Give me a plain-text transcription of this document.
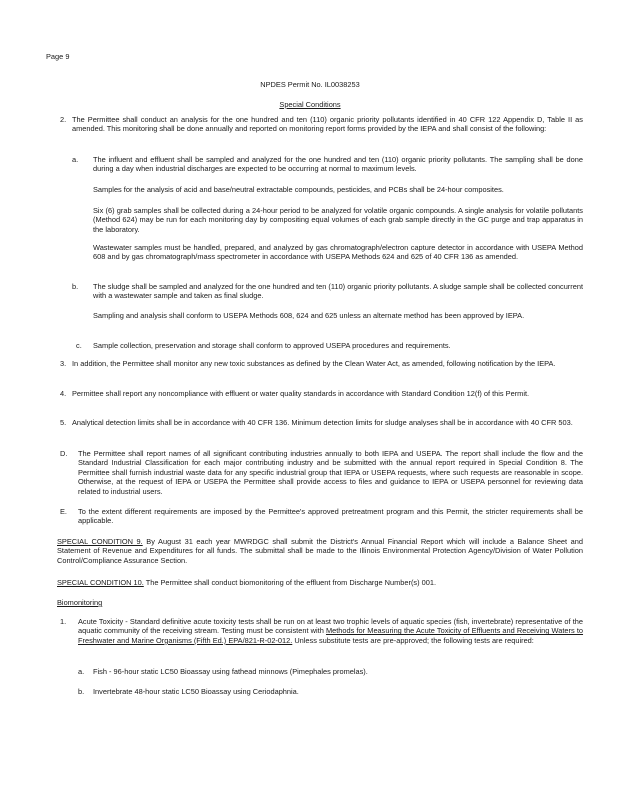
Page 9
NPDES Permit No. IL0038253
Special Conditions
2. The Permittee shall conduct an analysis for the one hundred and ten (110) organic priority pollutants identified in 40 CFR 122 Appendix D, Table II as amended. This monitoring shall be done annually and reported on monitoring report forms provided by the IEPA and shall consist of the following:
a. The influent and effluent shall be sampled and analyzed for the one hundred and ten (110) organic priority pollutants. The sampling shall be done during a day when industrial discharges are expected to be occurring at normal to maximum levels.
Samples for the analysis of acid and base/neutral extractable compounds, pesticides, and PCBs shall be 24-hour composites.
Six (6) grab samples shall be collected during a 24-hour period to be analyzed for volatile organic compounds. A single analysis for volatile pollutants (Method 624) may be run for each monitoring day by compositing equal volumes of each grab sample directly in the GC purge and trap apparatus in the laboratory.
Wastewater samples must be handled, prepared, and analyzed by gas chromatograph/electron capture detector in accordance with USEPA Method 608 and by gas chromatograph/mass spectrometer in accordance with USEPA Methods 624 and 625 of 40 CFR 136 as amended.
b. The sludge shall be sampled and analyzed for the one hundred and ten (110) organic priority pollutants. A sludge sample shall be collected concurrent with a wastewater sample and taken as final sludge.
Sampling and analysis shall conform to USEPA Methods 608, 624 and 625 unless an alternate method has been approved by IEPA.
c. Sample collection, preservation and storage shall conform to approved USEPA procedures and requirements.
3. In addition, the Permittee shall monitor any new toxic substances as defined by the Clean Water Act, as amended, following notification by the IEPA.
4. Permittee shall report any noncompliance with effluent or water quality standards in accordance with Standard Condition 12(f) of this Permit.
5. Analytical detection limits shall be in accordance with 40 CFR 136. Minimum detection limits for sludge analyses shall be in accordance with 40 CFR 503.
D. The Permittee shall report names of all significant contributing industries annually to both IEPA and USEPA. The report shall include the flow and the Standard Industrial Classification for each major contributing industry and be submitted with the annual report required in Special Condition 8. The Permittee shall furnish industrial waste data for any specific industrial group that IEPA or USEPA requests, where such requests are reasonable in scope. Otherwise, at the request of IEPA or USEPA the Permittee shall provide access to files and guidance to IEPA or USEPA personnel for reviewing data related to industrial users.
E. To the extent different requirements are imposed by the Permittee's approved pretreatment program and this Permit, the stricter requirements shall be applicable.
SPECIAL CONDITION 9. By August 31 each year MWRDGC shall submit the District's Annual Financial Report which will include a Balance Sheet and Statement of Revenue and Expenditures for all funds. The submittal shall be made to the Illinois Environmental Protection Agency/Division of Water Pollution Control/Compliance Assurance Section.
SPECIAL CONDITION 10. The Permittee shall conduct biomonitoring of the effluent from Discharge Number(s) 001.
Biomonitoring
1. Acute Toxicity - Standard definitive acute toxicity tests shall be run on at least two trophic levels of aquatic species (fish, invertebrate) representative of the aquatic community of the receiving stream. Testing must be consistent with Methods for Measuring the Acute Toxicity of Effluents and Receiving Waters to Freshwater and Marine Organisms (Fifth Ed.) EPA/821-R-02-012. Unless substitute tests are pre-approved; the following tests are required:
a. Fish - 96-hour static LC50 Bioassay using fathead minnows (Pimephales promelas).
b. Invertebrate 48-hour static LC50 Bioassay using Ceriodaphnia.
